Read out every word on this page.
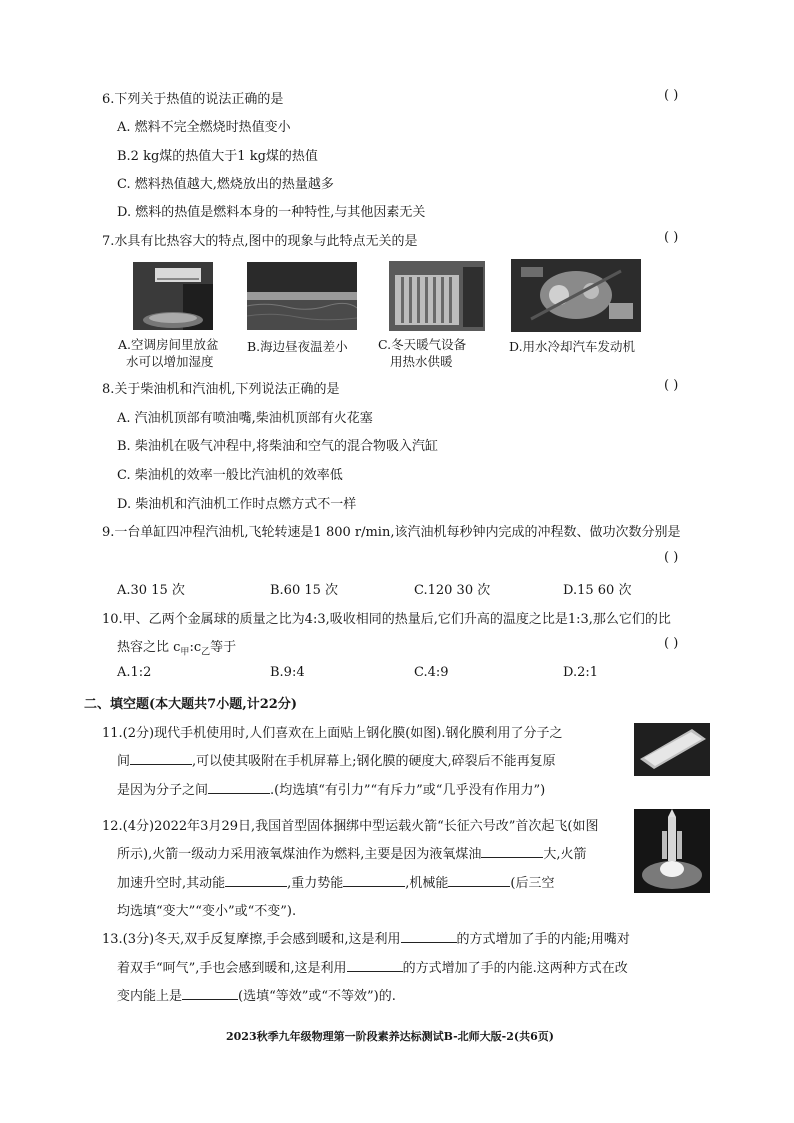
6.下列关于热值的说法正确的是	( )
A. 燃料不完全燃烧时热值变小
B.2 kg煤的热值大于1 kg煤的热值
C. 燃料热值越大,燃烧放出的热量越多
D. 燃料的热值是燃料本身的一种特性,与其他因素无关
7.水具有比热容大的特点,图中的现象与此特点无关的是	( )
A.空调房间里放盆
水可以增加湿度
B.海边昼夜温差小 C.冬天暖气设备
用热水供暖
D.用水冷却汽车发动机
8.关于柴油机和汽油机,下列说法正确的是	( )
A. 汽油机顶部有喷油嘴,柴油机顶部有火花塞
B. 柴油机在吸气冲程中,将柴油和空气的混合物吸入汽缸
C. 柴油机的效率一般比汽油机的效率低
D. 柴油机和汽油机工作时点燃方式不一样
9.一台单缸四冲程汽油机,飞轮转速是1 800 r/min,该汽油机每秒钟内完成的冲程数、做功次数分别是
( )
A.30 15 次	B.60 15 次	C.120 30 次	D.15 60 次
10.甲、乙两个金属球的质量之比为4:3,吸收相同的热量后,它们升高的温度之比是1:3,那么它们的比
热容之比 $c_甲:c_乙$等于	( )
A.1:2	B.9:4	C.4:9	D.2:1
二、填空题(本大题共7小题,计22分)
11.(2分)现代手机使用时,人们喜欢在上面贴上钢化膜(如图).钢化膜利用了分子之
间	,可以使其吸附在手机屏幕上;钢化膜的硬度大,碎裂后不能再复原
是因为分子之间	.(均选填“有引力”“有斥力”或“几乎没有作用力”)
12.(4分)2022年3月29日,我国首型固体捆绑中型运载火箭“长征六号改”首次起飞(如图
所示),火箭一级动力采用液氧煤油作为燃料,主要是因为液氧煤油	大,火箭
加速升空时,其动能	,重力势能	,机械能	(后三空
均选填“变大”“变小”或“不变”).
13.(3分)冬天,双手反复摩擦,手会感到暖和,这是利用	的方式增加了手的内能;用嘴对
着双手“呵气”,手也会感到暖和,这是利用	的方式增加了手的内能.这两种方式在改
变内能上是	(选填“等效”或“不等效”)的.
2023秋季九年级物理第一阶段素养达标测试B-北师大版-2(共6页)
